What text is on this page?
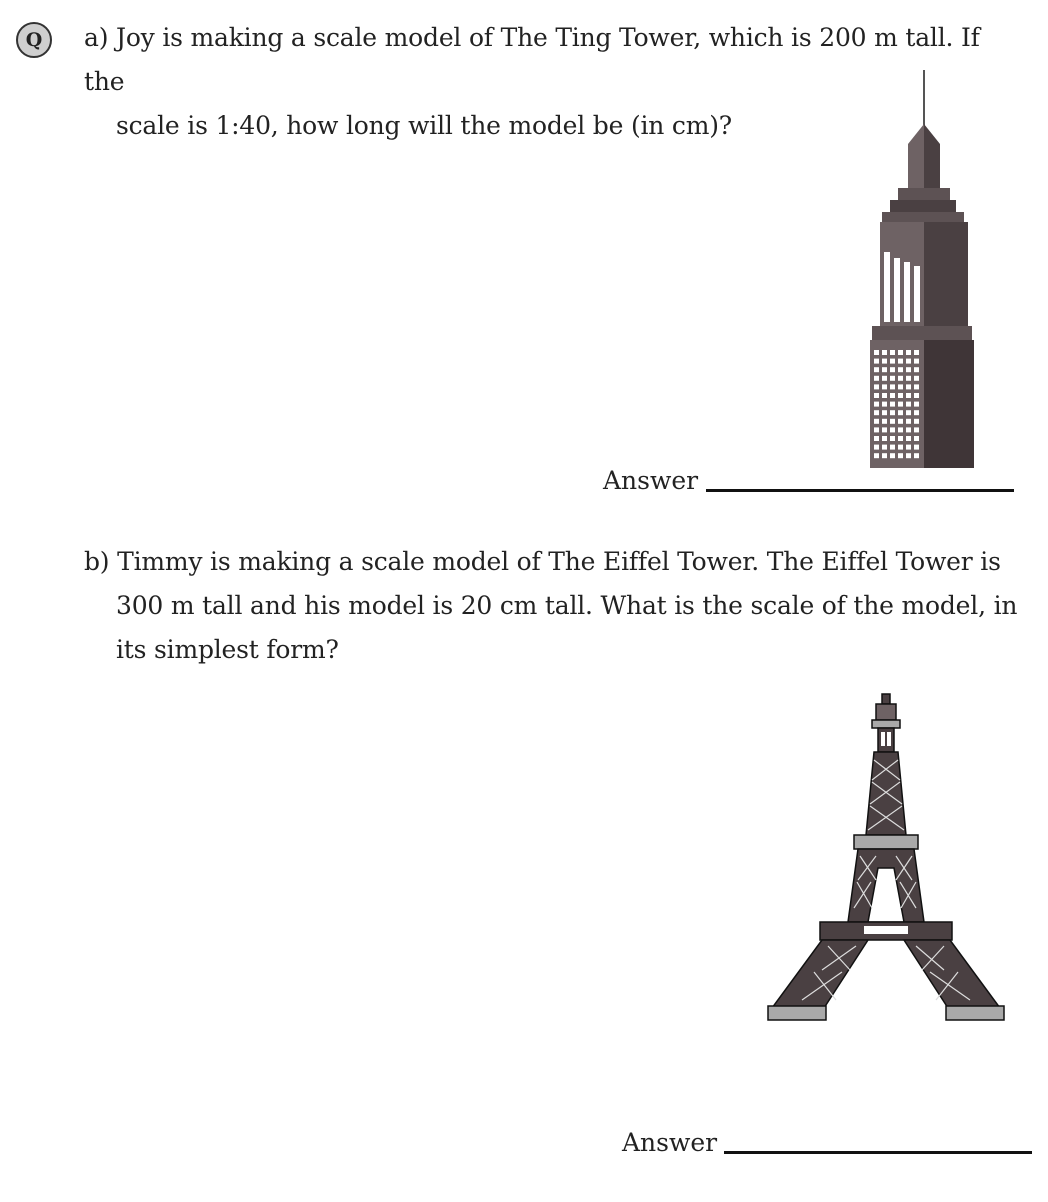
Q	a) Joy is making a scale model of The Ting Tower, which is 200 m tall. If the
scale is 1:40, how long will the model be (in cm)?
Answer
b) Timmy is making a scale model of The Eiffel Tower. The Eiffel Tower is
300 m tall and his model is 20 cm tall. What is the scale of the model, in
its simplest form?
Answer
